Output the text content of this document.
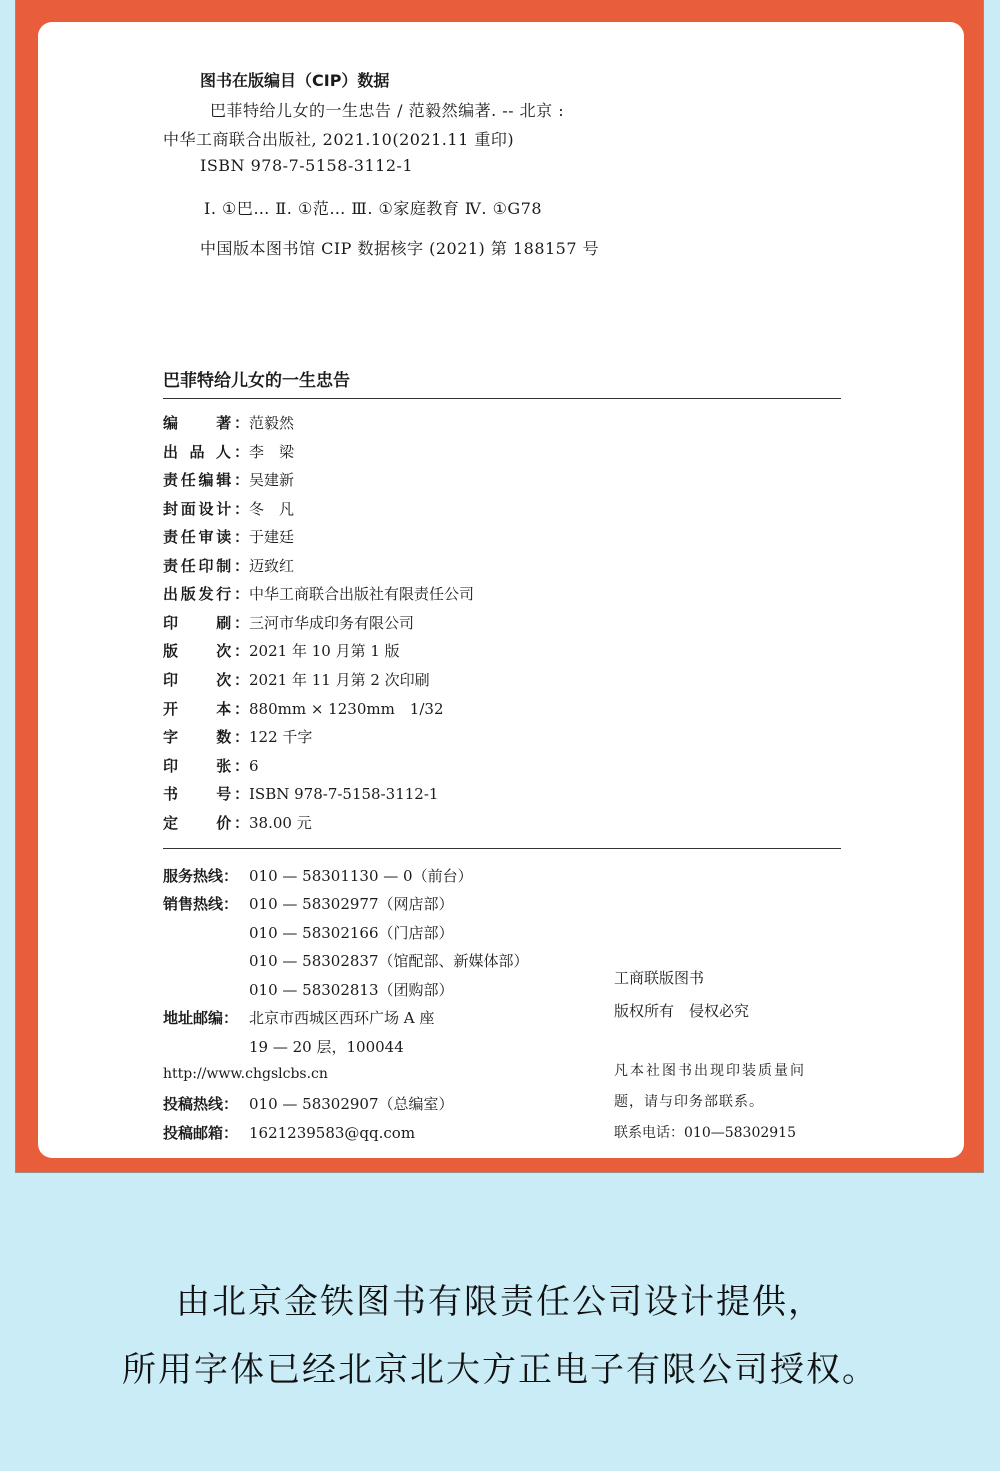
图书在版编目（CIP）数据
巴菲特给儿女的一生忠告 / 范毅然编著. -- 北京 :
中华工商联合出版社, 2021.10(2021.11 重印)
ISBN 978-7-5158-3112-1
Ⅰ. ①巴… Ⅱ. ①范… Ⅲ. ①家庭教育 Ⅳ. ①G78
中国版本图书馆 CIP 数据核字 (2021) 第 188157 号
巴菲特给儿女的一生忠告
编　　著：范毅然
出 品 人：李　梁
责任编辑：吴建新
封面设计：冬　凡
责任审读：于建廷
责任印制：迈致红
出版发行：中华工商联合出版社有限责任公司
印　　刷：三河市华成印务有限公司
版　　次：2021 年 10 月第 1 版
印　　次：2021 年 11 月第 2 次印刷
开　　本：880mm × 1230mm　1/32
字　　数：122 千字
印　　张：6
书　　号：ISBN 978-7-5158-3112-1
定　　价：38.00 元
服务热线： 010 — 58301130 — 0（前台）
销售热线： 010 — 58302977（网店部）
010 — 58302166（门店部）
010 — 58302837（馆配部、新媒体部）
010 — 58302813（团购部）
地址邮编： 北京市西城区西环广场 A 座
19 — 20 层，100044
http://www.chgslcbs.cn
投稿热线： 010 — 58302907（总编室）
投稿邮箱： 1621239583@qq.com
工商联版图书
版权所有　侵权必究
凡本社图书出现印装质量问
题，请与印务部联系。
联系电话：010—58302915
由北京金铁图书有限责任公司设计提供，
所用字体已经北京北大方正电子有限公司授权。
